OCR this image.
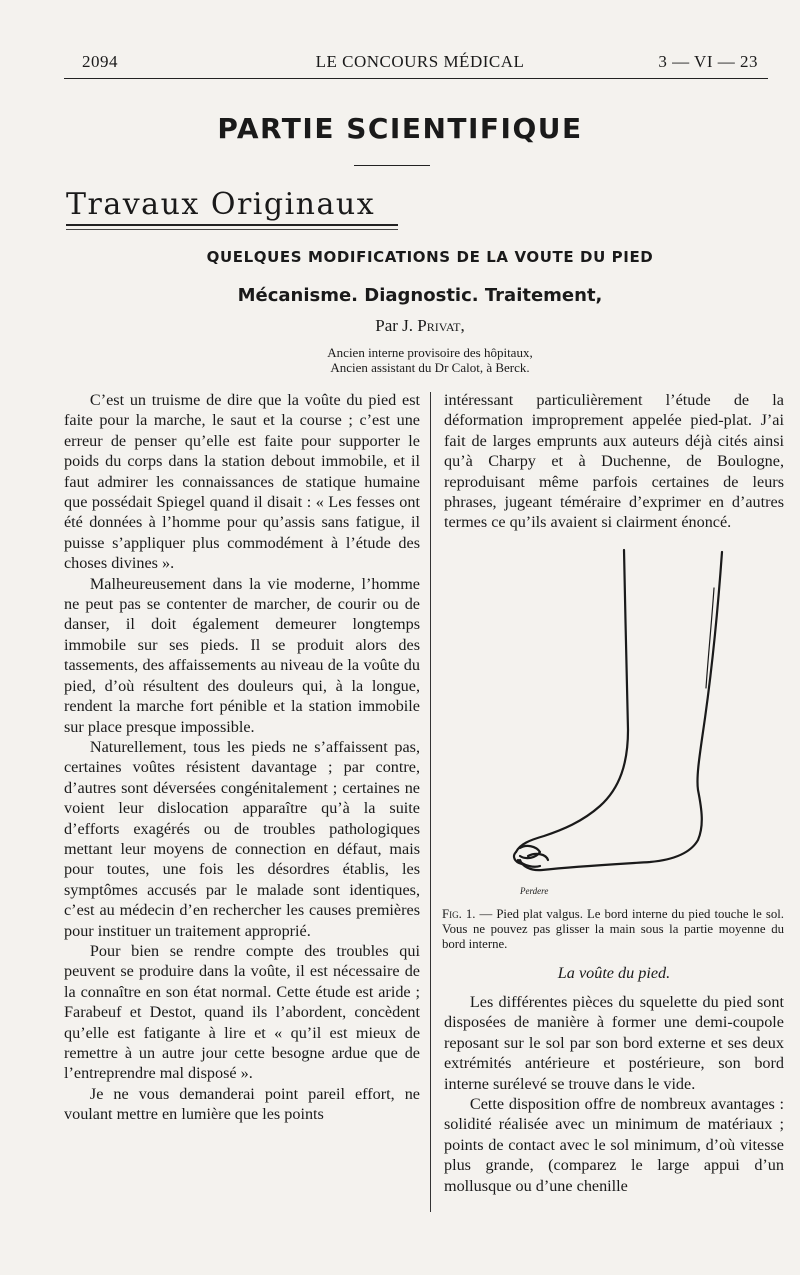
2094	LE CONCOURS MÉDICAL	3 — VI — 23
PARTIE SCIENTIFIQUE
Travaux Originaux
QUELQUES MODIFICATIONS DE LA VOUTE DU PIED
Mécanisme. Diagnostic. Traitement,
Par J. Privat,
Ancien interne provisoire des hôpitaux,
Ancien assistant du Dr Calot, à Berck.

C’est un truisme de dire que la voûte du pied est faite pour la marche, le saut et la course ; c’est une erreur de penser qu’elle est faite pour supporter le poids du corps dans la station debout immobile, et il faut admirer les connaissances de statique humaine que possédait Spiegel quand il disait : « Les fesses ont été données à l’homme pour qu’assis sans fatigue, il puisse s’appliquer plus commodément à l’étude des choses divines ».

Malheureusement dans la vie moderne, l’homme ne peut pas se contenter de marcher, de courir ou de danser, il doit également demeurer longtemps immobile sur ses pieds. Il se produit alors des tassements, des affaissements au niveau de la voûte du pied, d’où résultent des douleurs qui, à la longue, rendent la marche fort pénible et la station immobile sur place presque impossible.

Naturellement, tous les pieds ne s’affaissent pas, certaines voûtes résistent davantage ; par contre, d’autres sont déversées congénitalement ; certaines ne voient leur dislocation apparaître qu’à la suite d’efforts exagérés ou de troubles pathologiques mettant leur moyens de connection en défaut, mais pour toutes, une fois les désordres établis, les symptômes accusés par le malade sont identiques, c’est au médecin d’en rechercher les causes premières pour instituer un traitement approprié.

Pour bien se rendre compte des troubles qui peuvent se produire dans la voûte, il est nécessaire de la connaître en son état normal. Cette étude est aride ; Farabeuf et Destot, quand ils l’abordent, concèdent qu’elle est fatigante à lire et « qu’il est mieux de remettre à un autre jour cette besogne ardue que de l’entreprendre mal disposé ».

Je ne vous demanderai point pareil effort, ne voulant mettre en lumière que les points

intéressant particulièrement l’étude de la déformation improprement appelée pied-plat. J’ai fait de larges emprunts aux auteurs déjà cités ainsi qu’à Charpy et à Duchenne, de Boulogne, reproduisant même parfois certaines de leurs phrases, jugeant téméraire d’exprimer en d’autres termes ce qu’ils avaient si clairment énoncé.

Perdere
Fig. 1. — Pied plat valgus. Le bord interne du pied touche le sol. Vous ne pouvez pas glisser la main sous la partie moyenne du bord interne.
La voûte du pied.

Les différentes pièces du squelette du pied sont disposées de manière à former une demi-coupole reposant sur le sol par son bord externe et ses deux extrémités antérieure et postérieure, son bord interne surélevé se trouve dans le vide.

Cette disposition offre de nombreux avantages : solidité réalisée avec un minimum de matériaux ; points de contact avec le sol minimum, d’où vitesse plus grande, (comparez le large appui d’un mollusque ou d’une chenille
